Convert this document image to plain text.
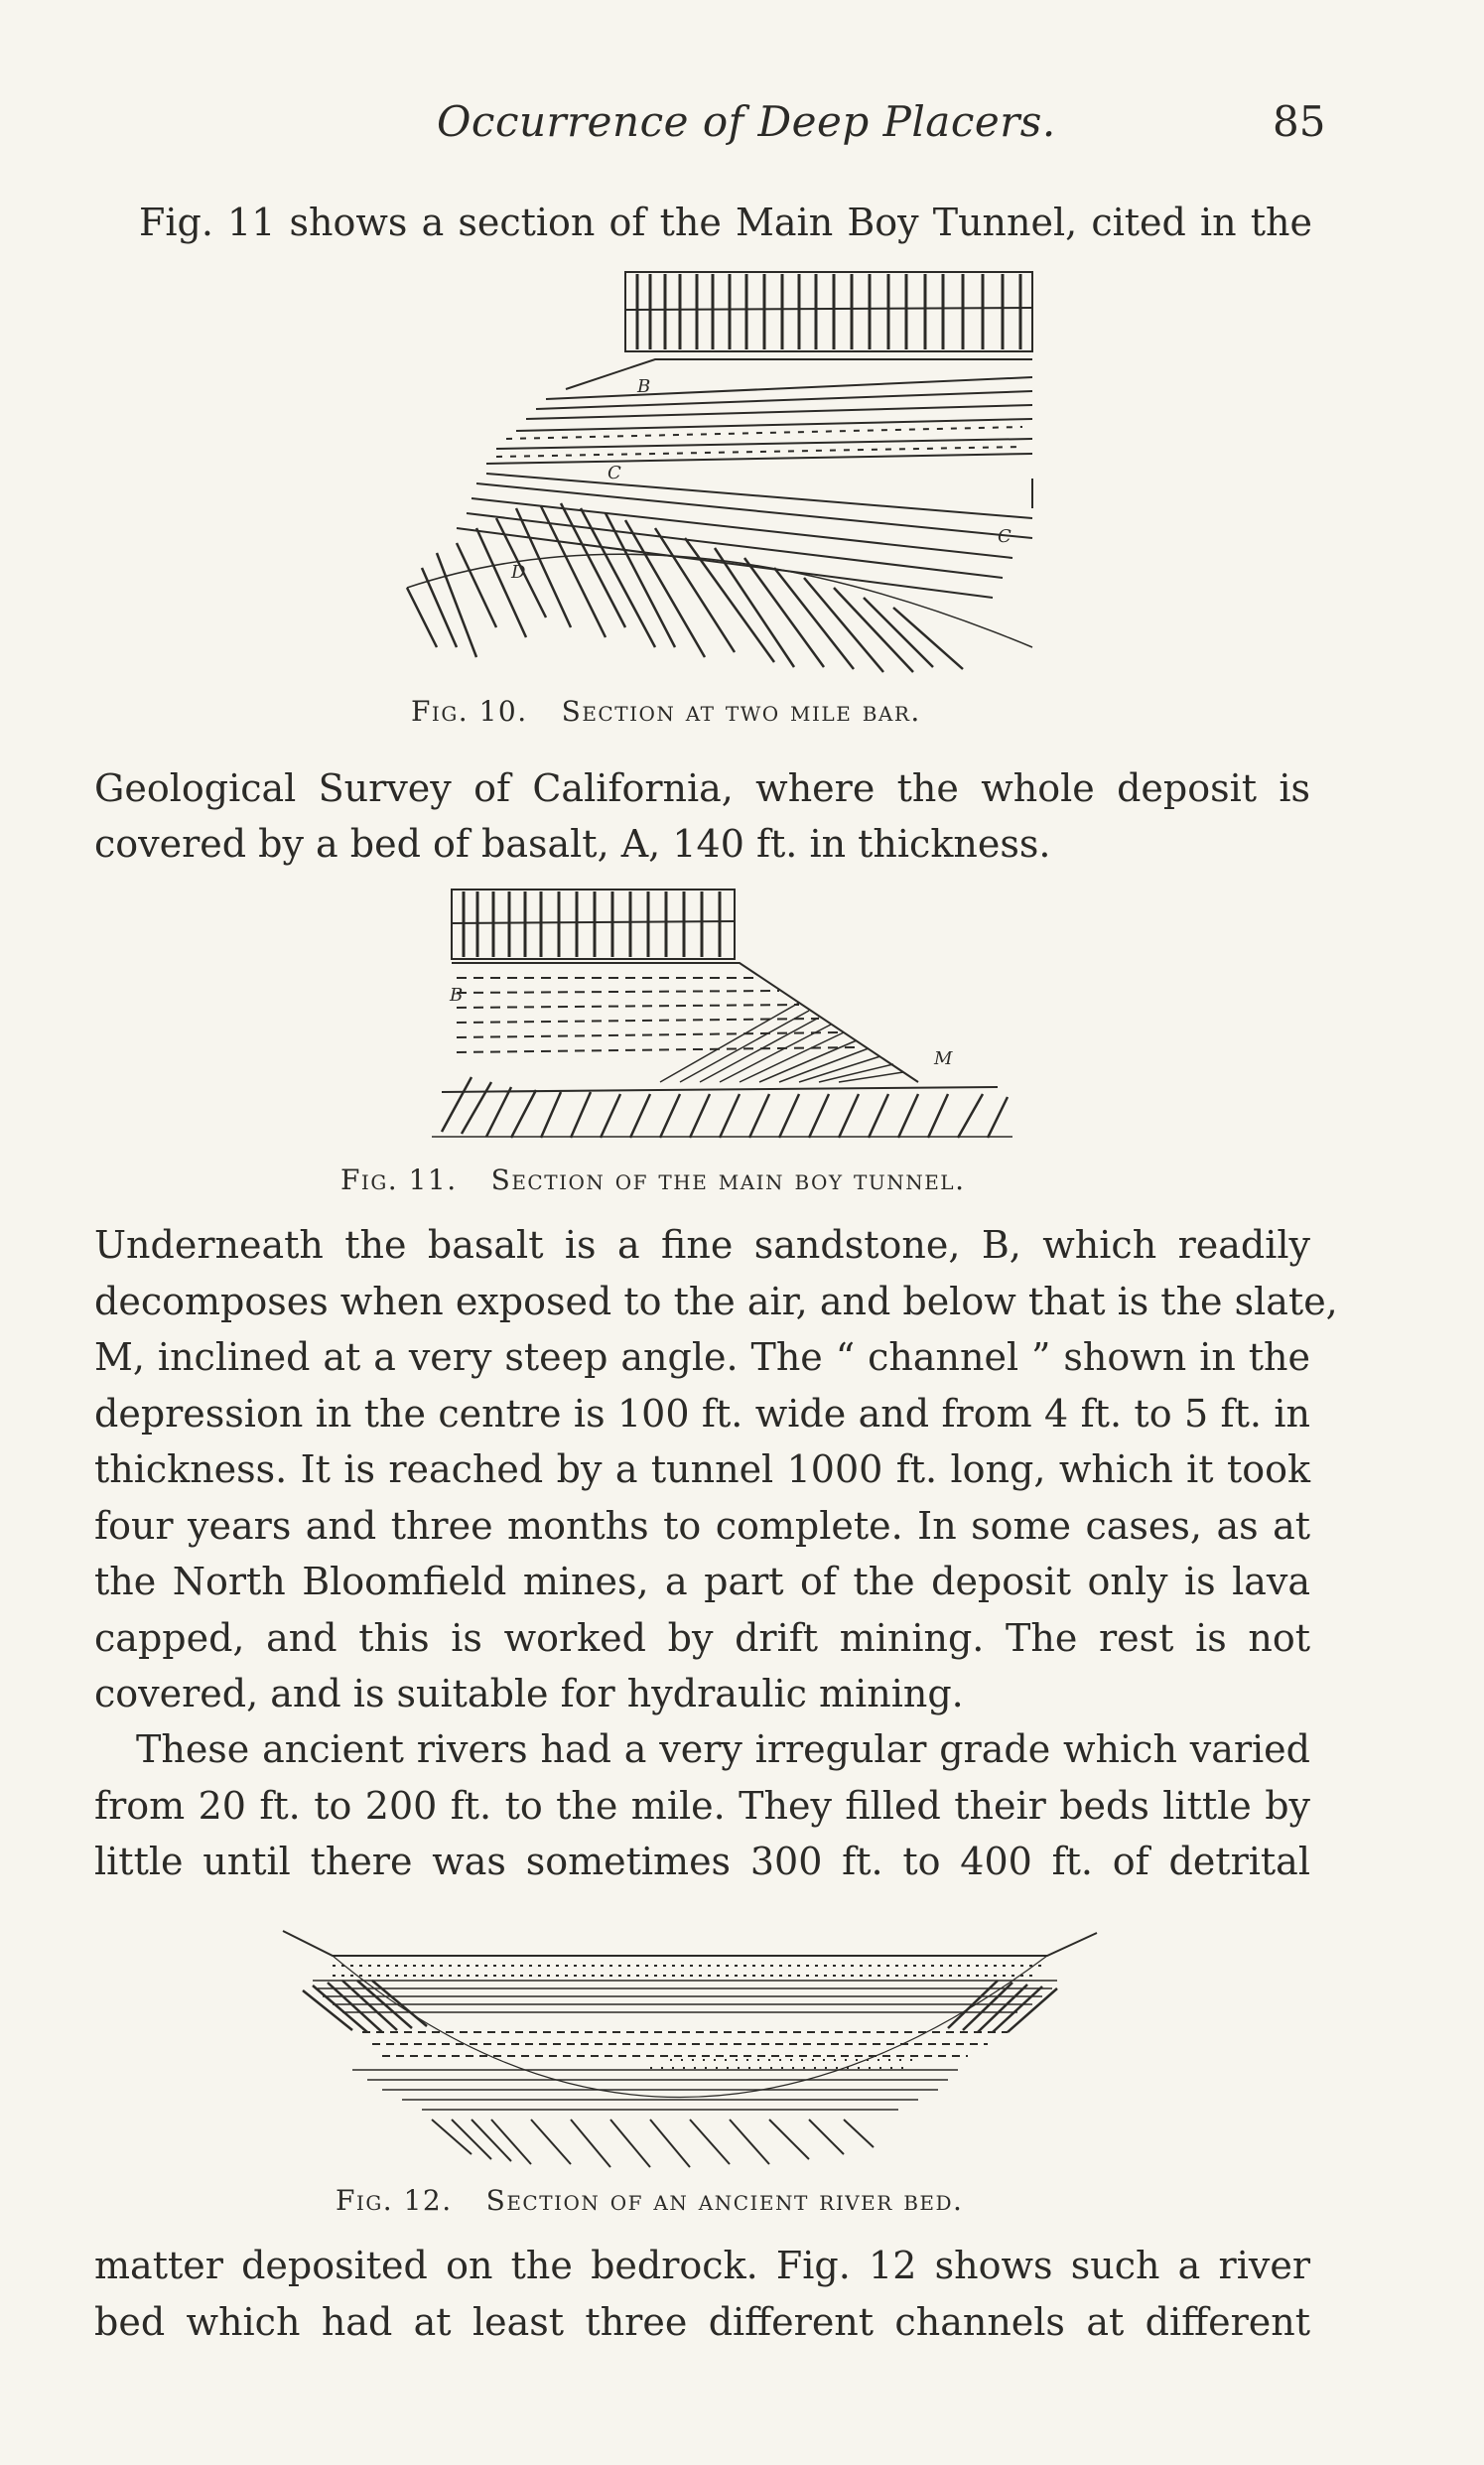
Occurrence of Deep Placers.	85
Fig. 11 shows a section of the Main Boy Tunnel, cited in the
B
C
C
D
Fig. 10. Section at two mile bar.
Geological Survey of California, where the whole deposit is
covered by a bed of basalt, A, 140 ft. in thickness.
B
M
Fig. 11. Section of the main boy tunnel.
Underneath the basalt is a fine sandstone, B, which readily
decomposes when exposed to the air, and below that is the slate,
M, inclined at a very steep angle. The “ channel ” shown in the
depression in the centre is 100 ft. wide and from 4 ft. to 5 ft. in
thickness. It is reached by a tunnel 1000 ft. long, which it took
four years and three months to complete. In some cases, as at
the North Bloomfield mines, a part of the deposit only is lava
capped, and this is worked by drift mining. The rest is not
covered, and is suitable for hydraulic mining.
These ancient rivers had a very irregular grade which varied
from 20 ft. to 200 ft. to the mile. They filled their beds little by
little until there was sometimes 300 ft. to 400 ft. of detrital
Fig. 12. Section of an ancient river bed.
matter deposited on the bedrock. Fig. 12 shows such a river
bed which had at least three different channels at different
